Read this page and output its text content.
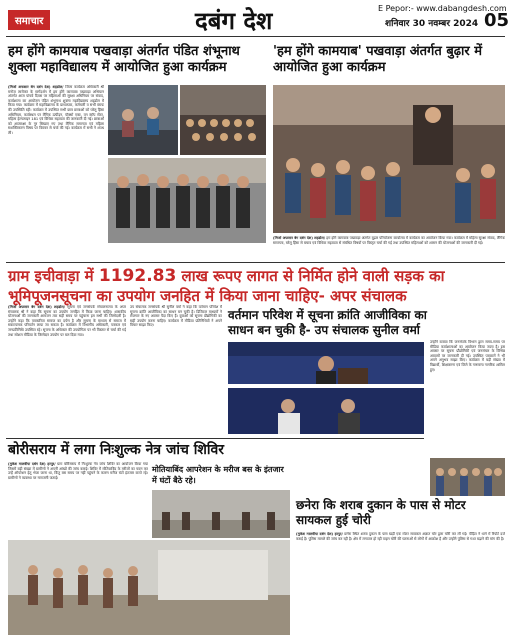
समाचार	दबंग देश	E Pepor:- www.dabangdesh.com
शनिवार 30 नवम्बर 2024 05
हम होंगे कामयाब पखवाड़ा अंतर्गत पंडित शंभूनाथ शुक्ला महाविद्यालय में आयोजित हुआ कार्यक्रम
(मिर्जा अफसार बेग दबंग देश) शहडोल/ जिला कार्यक्रम अधिकारी श्री मनोज लारोकर के मार्गदर्शन में हम होंगे कामयाब पखवाड़ा अभियान अंतर्गत आज पांचवे दिवस पर महिलाओं की सुरक्षा अधिनियम पर संवाद, कार्यशाला का आयोजन पंडित शंभूनाथ शुक्ला महाविद्यालय शहडोल में किया गया। कार्यक्रम में महाविद्यालय के प्राध्यापक, कर्मचारी व सभी स्टाफ की उपस्थिति रही। कार्यक्रम में उपस्थित सभी छात्र छात्राओं को घरेलू हिंसा अधिनियम, कार्यस्थल पर लैंगिक उत्पीड़न, पॉक्सो एक्ट, वन स्टॉप सेंटर, महिला हेल्पलाइन 181 एवं विधिक सहायता की जानकारी दी गई। छात्राओं को आत्मरक्षा के गुर सिखाए गए तथा लैंगिक समानता एवं महिला सशक्तिकरण विषय पर विस्तार से चर्चा की गई। कार्यक्रम में सभी ने शपथ ली।
'हम होंगे कामयाब' पखवाड़ा अंतर्गत बुढ़ार में आयोजित हुआ कार्यक्रम
(मिर्जा अफसार बेग दबंग देश) शहडोल/ हम होंगे कामयाब पखवाड़ा अंतर्गत बुढ़ार परियोजना कार्यालय में कार्यक्रम का आयोजन किया गया। कार्यक्रम में महिला सुरक्षा संवाद, लैंगिक समानता, घरेलू हिंसा से बचाव एवं विधिक सहायता से संबंधित विषयों पर विस्तृत चर्चा की गई तथा उपस्थित महिलाओं को शासन की योजनाओं की जानकारी दी गई।
ग्राम इचीवाड़ा में 1192.83 लाख रूपए लागत से निर्मित होने वाली सड़क का भूमिपूजनसूचना का उपयोग जनहित में किया जाना चाहिए- अपर संचालक
(मिर्जा अफसार बेग दबंग देश) शहडोल/ सूचना एवं जनसंपर्क संचालनालय के अपर संचालक श्री ने कहा कि सूचना का उपयोग जनहित में किया जाना चाहिए। शासकीय योजनाओं की जानकारी आमजन तक सही समय पर पहुंचाना हम सभी की जिम्मेदारी है। उन्होंने कहा कि पत्रकारिता समाज का दर्पण है और सूचना के माध्यम से समाज में सकारात्मक परिवर्तन लाया जा सकता है। कार्यक्रम में विभागीय अधिकारी, पत्रकार एवं जनप्रतिनिधि उपस्थित रहे। सूचना के अधिकार की उपयोगिता पर भी विस्तार से चर्चा की गई तथा सोशल मीडिया के जिम्मेदार उपयोग पर बल दिया गया।
वर्तमान परिवेश में सूचना क्रांति आजीविका का साधन बन चुकी है- उप संचालक सुनील वर्मा
उप संचालक जनसंपर्क श्री सुनील वर्मा ने कहा कि वर्तमान परिवेश में सूचना क्रांति आजीविका का साधन बन चुकी है। डिजिटल माध्यमों ने रोजगार के नए अवसर पैदा किए हैं। युवाओं को सूचना प्रौद्योगिकी का सही उपयोग करना चाहिए। कार्यक्रम में मीडिया प्रतिनिधियों ने अपने विचार साझा किए।
उन्होंने बताया कि जनसंपर्क विभाग द्वारा समय-समय पर मीडिया कार्यशालाओं का आयोजन किया जाता है। इस अवसर पर सूचना प्रौद्योगिकी एवं जनसंचार के विभिन्न आयामों पर जानकारी दी गई। उपस्थित पत्रकारों ने भी अपने अनुभव साझा किए। कार्यक्रम में बड़ी संख्या में विद्यार्थी, शिक्षकगण एवं जिले के गणमान्य नागरिक शामिल हुए।
बोरीसराय में लगा निःशुल्क नेत्र जांच शिविर
मोतियाबिंद आपरेशन के मरीज बस के इंतजार में घंटों बैठे रहे।
(मुकेश मालवीया दबंग देश) हरपुर/ ग्राम बोरीसराय में निःशुल्क नेत्र जांच शिविर का आयोजन किया गया जिसमें बड़ी संख्या में ग्रामीणों ने अपनी आंखों की जांच कराई। शिविर में मोतियाबिंद के मरीजों का चयन कर उन्हें ऑपरेशन हेतु भेजा जाना था, किंतु बस समय पर नहीं पहुंचने के कारण मरीज घंटों इंतजार करते रहे। ग्रामीणों ने व्यवस्था पर नाराजगी जताई।
छनेरा कि शराब दुकान के पास से मोटर सायकल हुई चोरी
(मुकेश मालवीया दबंग देश) हरपुर/ छनेरा स्थित शराब दुकान के पास खड़ी एक मोटर सायकल अज्ञात चोर द्वारा चोरी कर ली गई। पीड़ित ने थाने में रिपोर्ट दर्ज कराई है। पुलिस मामले की जांच कर रही है। क्षेत्र में लगातार हो रही वाहन चोरी की घटनाओं से लोगों में आक्रोश है और उन्होंने पुलिस से गश्त बढ़ाने की मांग की है।
